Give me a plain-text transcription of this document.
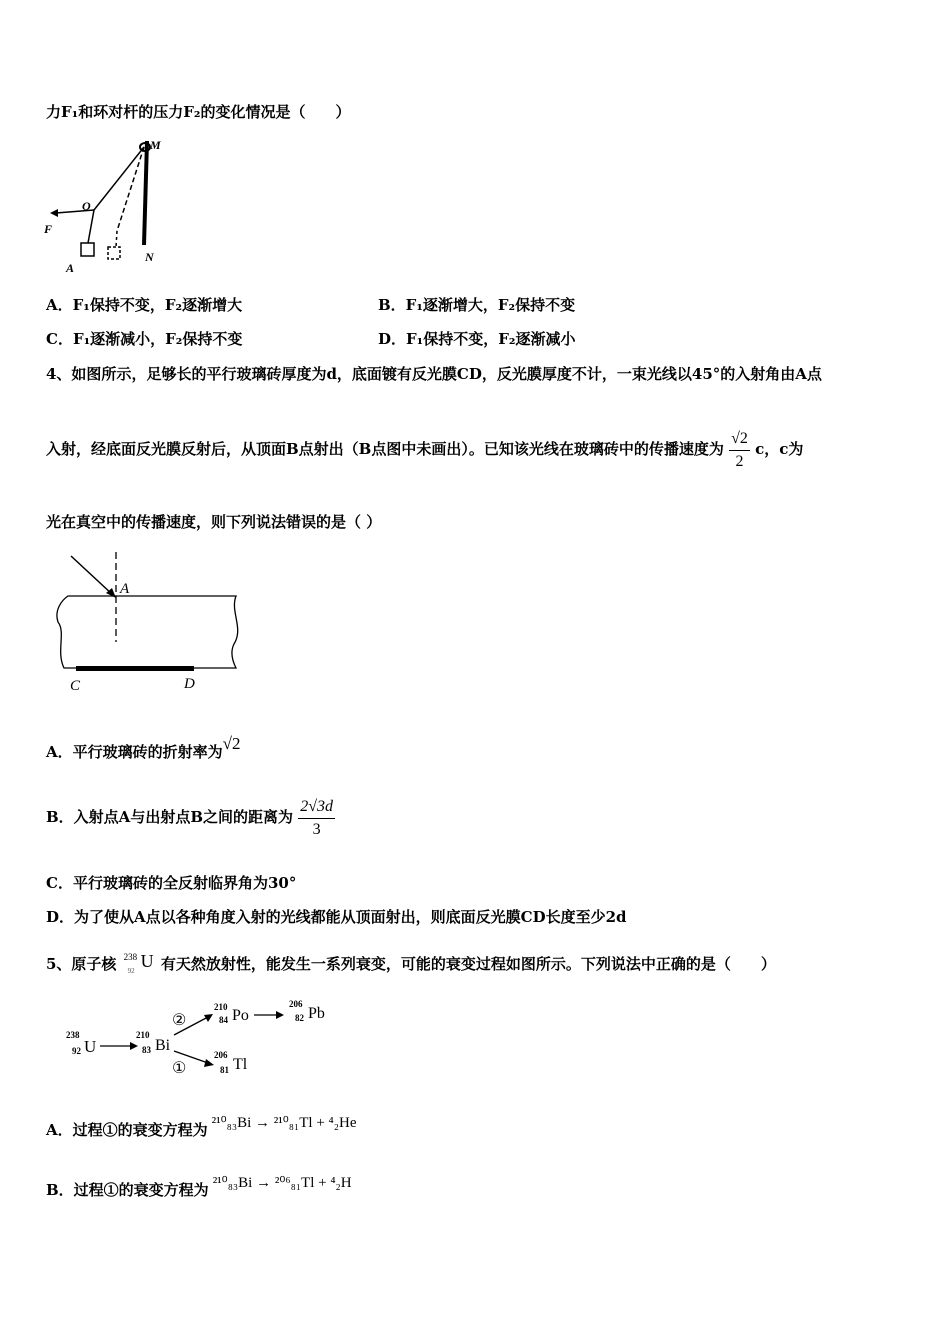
力F₁和环对杆的压力F₂的变化情况是（　　）
M
O
F
A
N
A．F₁保持不变，F₂逐渐增大	B．F₁逐渐增大，F₂保持不变
C．F₁逐渐减小，F₂保持不变	D．F₁保持不变，F₂逐渐减小
4、如图所示，足够长的平行玻璃砖厚度为d，底面镀有反光膜CD，反光膜厚度不计，一束光线以45°的入射角由A点
入射，经底面反光膜反射后，从顶面B点射出（B点图中未画出）。已知该光线在玻璃砖中的传播速度为 $\frac{√2}{2}$ c，c为
光在真空中的传播速度，则下列说法错误的是（ ）
A
C	D
A．平行玻璃砖的折射率为√2
B．入射点A与出射点B之间的距离为 $\frac{2√3d}{3}$
C．平行玻璃砖的全反射临界角为30°
D．为了使从A点以各种角度入射的光线都能从顶面射出，则底面反光膜CD长度至少2d
5、原子核 238
92 U 有天然放射性，能发生一系列衰变，可能的衰变过程如图所示。下列说法中正确的是（　　）
238
92 U
210
83 Bi
②
210
84 Po
206
82 Pb
①
206
81 Tl
A．过程①的衰变方程为 ²¹⁰₈₃Bi → ²¹⁰₈₁Tl + ⁴₂He
B．过程①的衰变方程为 ²¹⁰₈₃Bi → ²⁰⁶₈₁Tl + ⁴₂H
